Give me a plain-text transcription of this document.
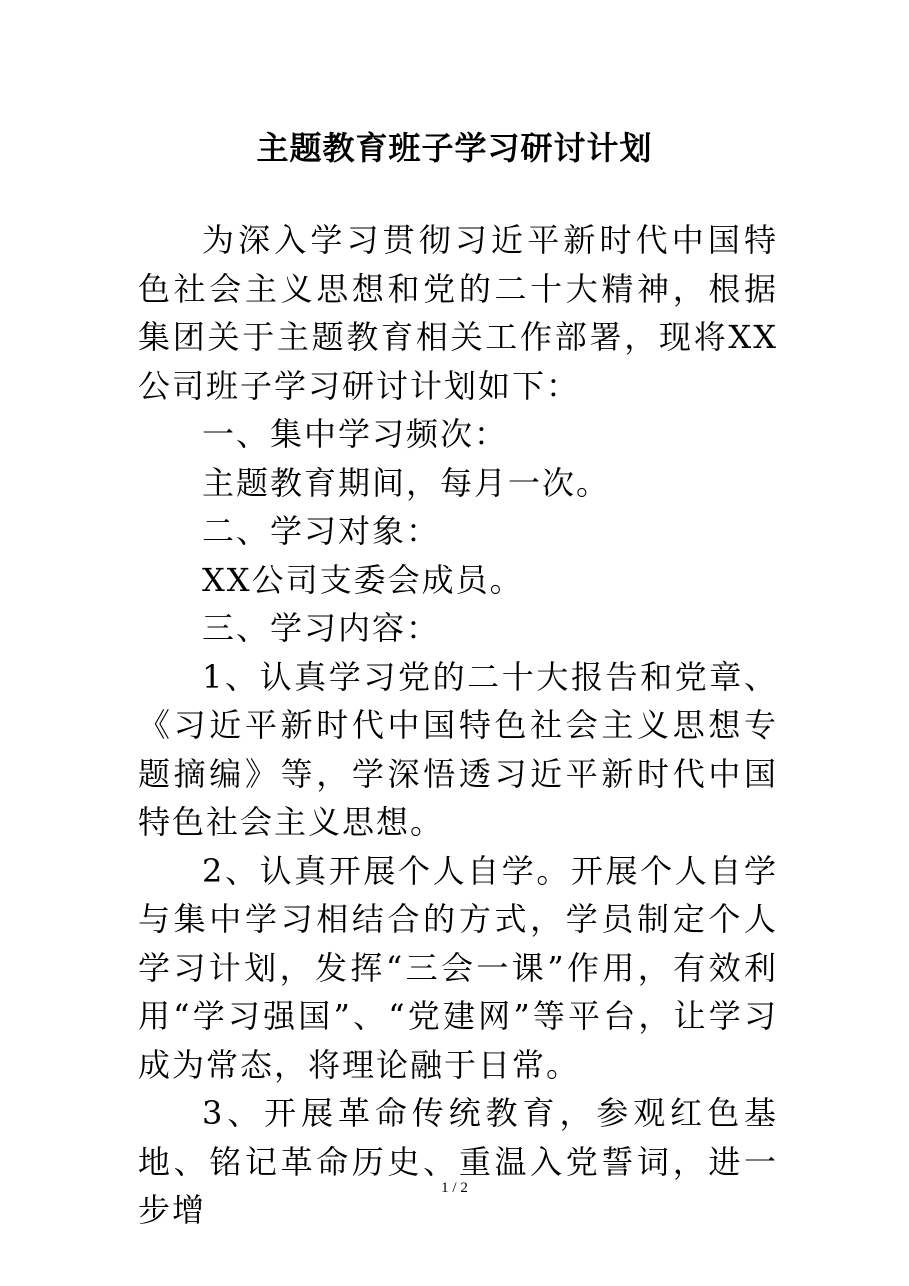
主题教育班子学习研讨计划

为深入学习贯彻习近平新时代中国特色社会主义思想和党的二十大精神，根据集团关于主题教育相关工作部署，现将XX公司班子学习研讨计划如下：

一、集中学习频次：

主题教育期间，每月一次。

二、学习对象：

XX公司支委会成员。

三、学习内容：

1、认真学习党的二十大报告和党章、《习近平新时代中国特色社会主义思想专题摘编》等，学深悟透习近平新时代中国特色社会主义思想。

2、认真开展个人自学。开展个人自学与集中学习相结合的方式，学员制定个人学习计划，发挥“三会一课”作用，有效利用“学习强国”、“党建网”等平台，让学习成为常态，将理论融于日常。

3、开展革命传统教育，参观红色基地、铭记革命历史、重温入党誓词，进一步增

1 / 2
